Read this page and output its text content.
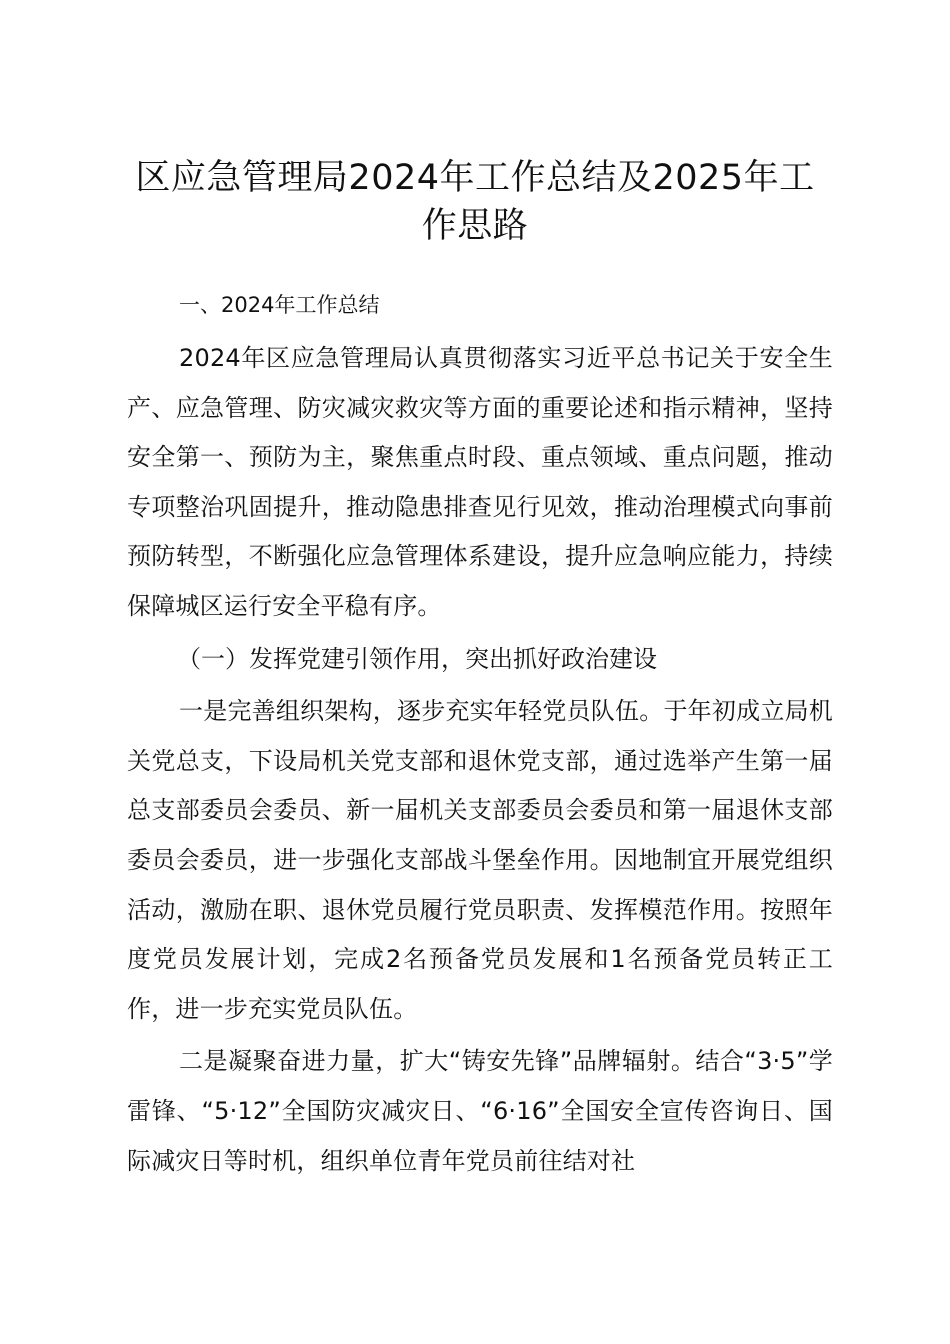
区应急管理局2024年工作总结及2025年工作思路

一、2024年工作总结

2024年区应急管理局认真贯彻落实习近平总书记关于安全生产、应急管理、防灾减灾救灾等方面的重要论述和指示精神，坚持安全第一、预防为主，聚焦重点时段、重点领域、重点问题，推动专项整治巩固提升，推动隐患排查见行见效，推动治理模式向事前预防转型，不断强化应急管理体系建设，提升应急响应能力，持续保障城区运行安全平稳有序。

（一）发挥党建引领作用，突出抓好政治建设

一是完善组织架构，逐步充实年轻党员队伍。于年初成立局机关党总支，下设局机关党支部和退休党支部，通过选举产生第一届总支部委员会委员、新一届机关支部委员会委员和第一届退休支部委员会委员，进一步强化支部战斗堡垒作用。因地制宜开展党组织活动，激励在职、退休党员履行党员职责、发挥模范作用。按照年度党员发展计划，完成2名预备党员发展和1名预备党员转正工作，进一步充实党员队伍。

二是凝聚奋进力量，扩大“铸安先锋”品牌辐射。结合“3·5”学雷锋、“5·12”全国防灾减灾日、“6·16”全国安全宣传咨询日、国际减灾日等时机，组织单位青年党员前往结对社
